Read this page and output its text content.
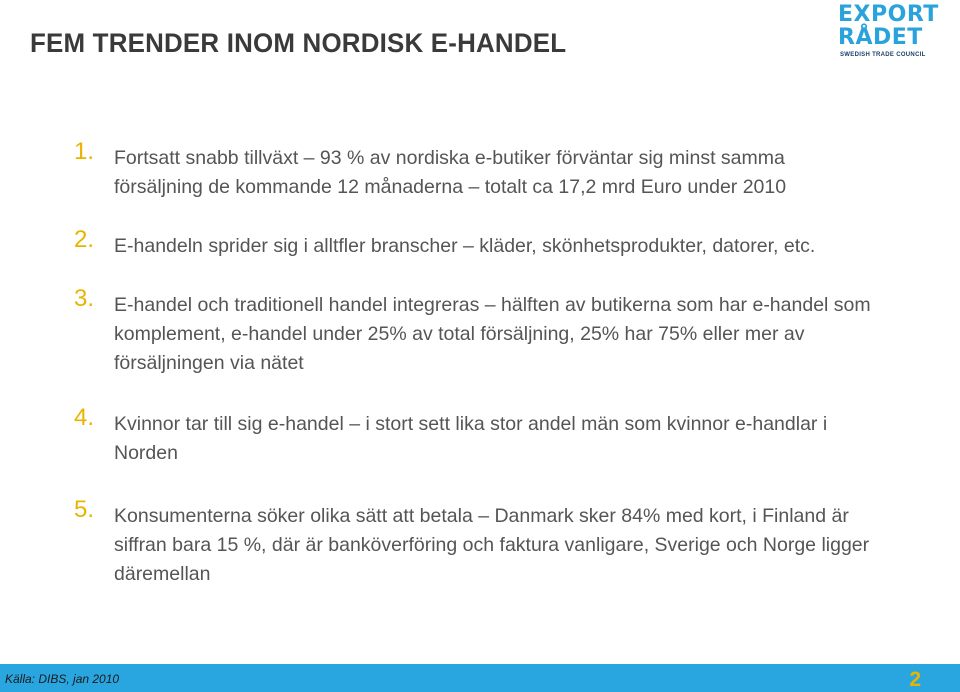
FEM TRENDER INOM NORDISK E-HANDEL
EXPORT
RÅDET
SWEDISH TRADE COUNCIL
1. Fortsatt snabb tillväxt – 93 % av nordiska e-butiker förväntar sig minst samma försäljning de kommande 12 månaderna – totalt ca 17,2 mrd Euro under 2010
2. E-handeln sprider sig i alltfler branscher – kläder, skönhetsprodukter, datorer, etc.
3. E-handel och traditionell handel integreras – hälften av butikerna som har e-handel som komplement, e-handel under 25% av total försäljning, 25% har 75% eller mer av försäljningen via nätet
4. Kvinnor tar till sig e-handel – i stort sett lika stor andel män som kvinnor e-handlar i Norden
5. Konsumenterna söker olika sätt att betala – Danmark sker 84% med kort, i Finland är siffran bara 15 %, där är banköverföring och faktura vanligare, Sverige och Norge ligger däremellan
Källa: DIBS, jan 2010	2
